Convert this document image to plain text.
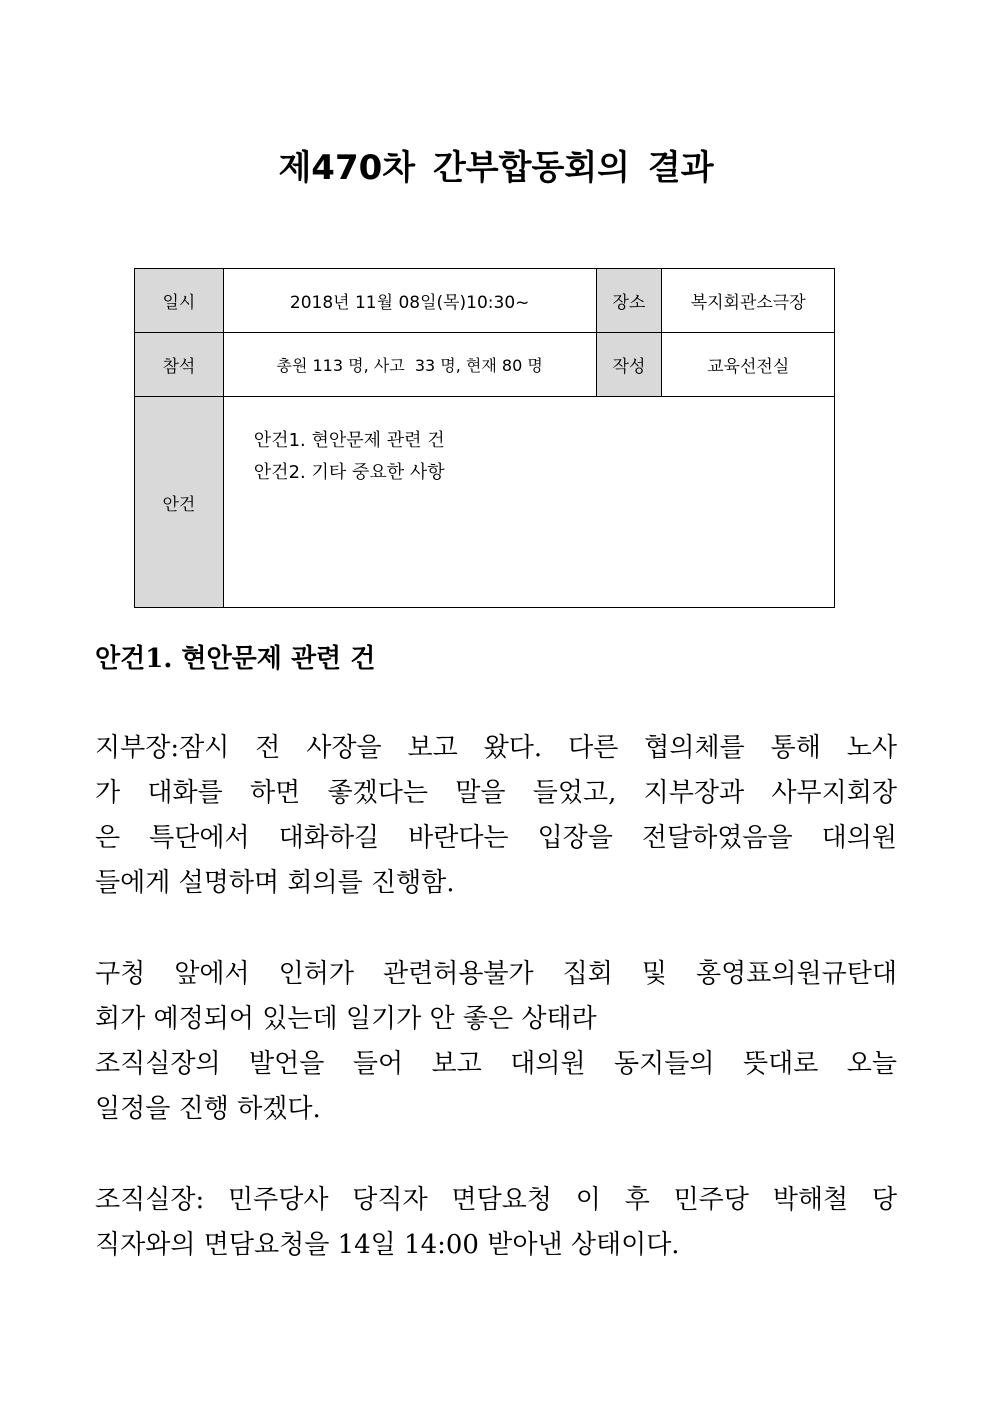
제470차 간부합동회의 결과
일시	2018년 11월 08일(목)10:30~	장소	복지회관소극장
참석	총원 113 명, 사고  33 명, 현재 80 명	작성	교육선전실
안건	안건1. 현안문제 관련 건
안건2. 기타 중요한 사항		
안건1. 현안문제 관련 건
지부장:잠시 전 사장을 보고 왔다. 다른 협의체를 통해 노사
가 대화를 하면 좋겠다는 말을 들었고, 지부장과 사무지회장
은 특단에서 대화하길 바란다는 입장을 전달하였음을 대의원
들에게 설명하며 회의를 진행함.
구청 앞에서 인허가 관련허용불가 집회 및 홍영표의원규탄대
회가 예정되어 있는데 일기가 안 좋은 상태라
조직실장의 발언을 들어 보고 대의원 동지들의 뜻대로 오늘
일정을 진행 하겠다.
조직실장: 민주당사 당직자 면담요청 이 후 민주당 박해철 당
직자와의 면담요청을 14일 14:00 받아낸 상태이다.
